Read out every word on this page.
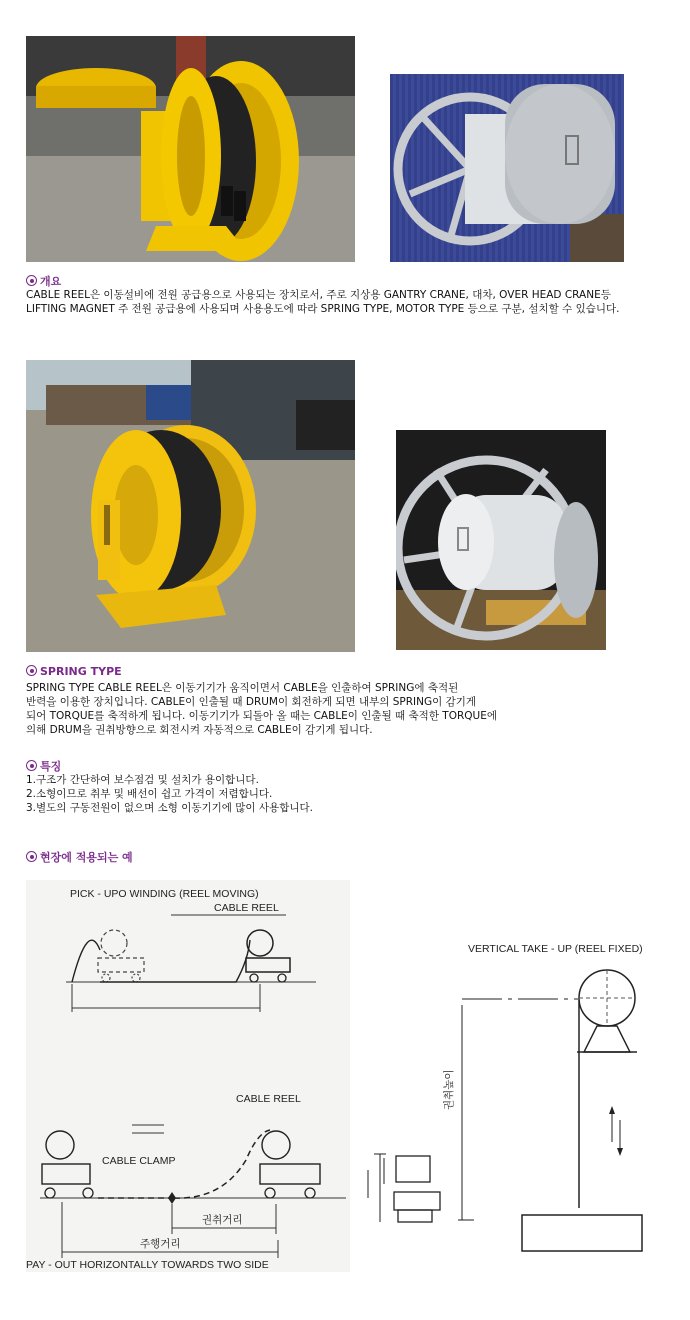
개요
CABLE REEL은 이동설비에 전원 공급용으로 사용되는 장치로서, 주로 지상용 GANTRY CRANE, 대차, OVER HEAD CRANE등
LIFTING MAGNET 주 전원 공급용에 사용되며 사용용도에 따라 SPRING TYPE, MOTOR TYPE 등으로 구분, 설치할 수 있습니다.
SPRING TYPE
SPRING TYPE CABLE REEL은 이동기기가 움직이면서 CABLE을 인출하여 SPRING에 축적된
반력을 이용한 장치입니다. CABLE이 인출될 때 DRUM이 회전하게 되면 내부의 SPRING이 감기게
되어 TORQUE를 축적하게 됩니다. 이동기기가 되돌아 올 때는 CABLE이 인출될 때 축적한 TORQUE에
의해 DRUM을 권취방향으로 회전시켜 자동적으로 CABLE이 감기게 됩니다.
특징
1.구조가 간단하여 보수점검 및 설치가 용이합니다.
2.소형이므로 취부 및 배선이 쉽고 가격이 저렴합니다.
3.별도의 구동전원이 없으며 소형 이동기기에 많이 사용합니다.
현장에 적용되는 예
PICK - UPO WINDING (REEL MOVING)
CABLE REEL
CABLE REEL
CABLE CLAMP
권취거리
주행거리
PAY - OUT HORIZONTALLY TOWARDS TWO SIDE
VERTICAL TAKE - UP (REEL FIXED)
권취높이
